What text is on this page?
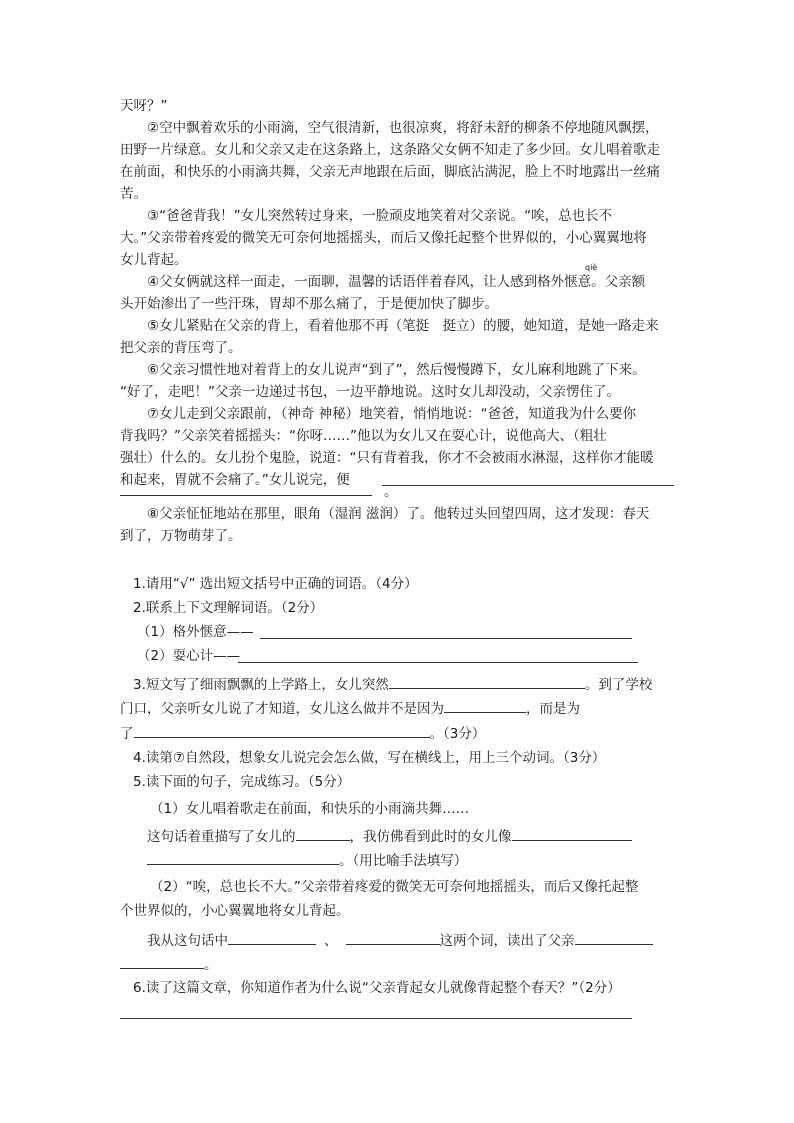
天呀？”
②空中飘着欢乐的小雨滴，空气很清新，也很凉爽，将舒未舒的柳条不停地随风飘摆，
田野一片绿意。女儿和父亲又走在这条路上，这条路父女俩不知走了多少回。女儿唱着歌走
在前面，和快乐的小雨滴共舞，父亲无声地跟在后面，脚底沾满泥，脸上不时地露出一丝痛
苦。
③“爸爸背我！”女儿突然转过身来，一脸顽皮地笑着对父亲说。“唉，总也长不
大。”父亲带着疼爱的微笑无可奈何地摇摇头，而后又像托起整个世界似的，小心翼翼地将
女儿背起。	qiè
④父女俩就这样一面走，一面聊，温馨的话语伴着春风，让人感到格外惬意。父亲额
头开始渗出了一些汗珠，胃却不那么痛了，于是便加快了脚步。
⑤女儿紧贴在父亲的背上，看着他那不再（笔挺　挺立）的腰，她知道，是她一路走来
把父亲的背压弯了。
⑥父亲习惯性地对着背上的女儿说声“到了”，然后慢慢蹲下，女儿麻利地跳了下来。
“好了，走吧！”父亲一边递过书包，一边平静地说。这时女儿却没动，父亲愣住了。
⑦女儿走到父亲跟前，（神奇 神秘）地笑着，悄悄地说：“爸爸，知道我为什么要你
背我吗？”父亲笑着摇摇头：“你呀……”他以为女儿又在耍心计，说他高大、（粗壮
强壮）什么的。女儿扮个鬼脸，说道：“只有背着我，你才不会被雨水淋湿，这样你才能暖
和起来，胃就不会痛了。”女儿说完，便
。
⑧父亲怔怔地站在那里，眼角（湿润 滋润）了。他转过头回望四周，这才发现：春天
到了，万物萌芽了。
1.请用“√” 选出短文括号中正确的词语。（4分）
2.联系上下文理解词语。（2分）
（1）格外惬意——
（2）耍心计——
3.短文写了细雨飘飘的上学路上，女儿突然	。到了学校
门口，父亲听女儿说了才知道，女儿这么做并不是因为	，而是为
了	。（3分）
4.读第⑦自然段，想象女儿说完会怎么做，写在横线上，用上三个动词。（3分）
5.读下面的句子，完成练习。（5分）
（1）女儿唱着歌走在前面，和快乐的小雨滴共舞……
这句话着重描写了女儿的	，我仿佛看到此时的女儿像
。（用比喻手法填写）
（2）“唉，总也长不大。”父亲带着疼爱的微笑无可奈何地摇摇头，而后又像托起整
个世界似的，小心翼翼地将女儿背起。
我从这句话中	、	这两个词，读出了父亲
。
6.读了这篇文章，你知道作者为什么说“父亲背起女儿就像背起整个春天？”（2分）
